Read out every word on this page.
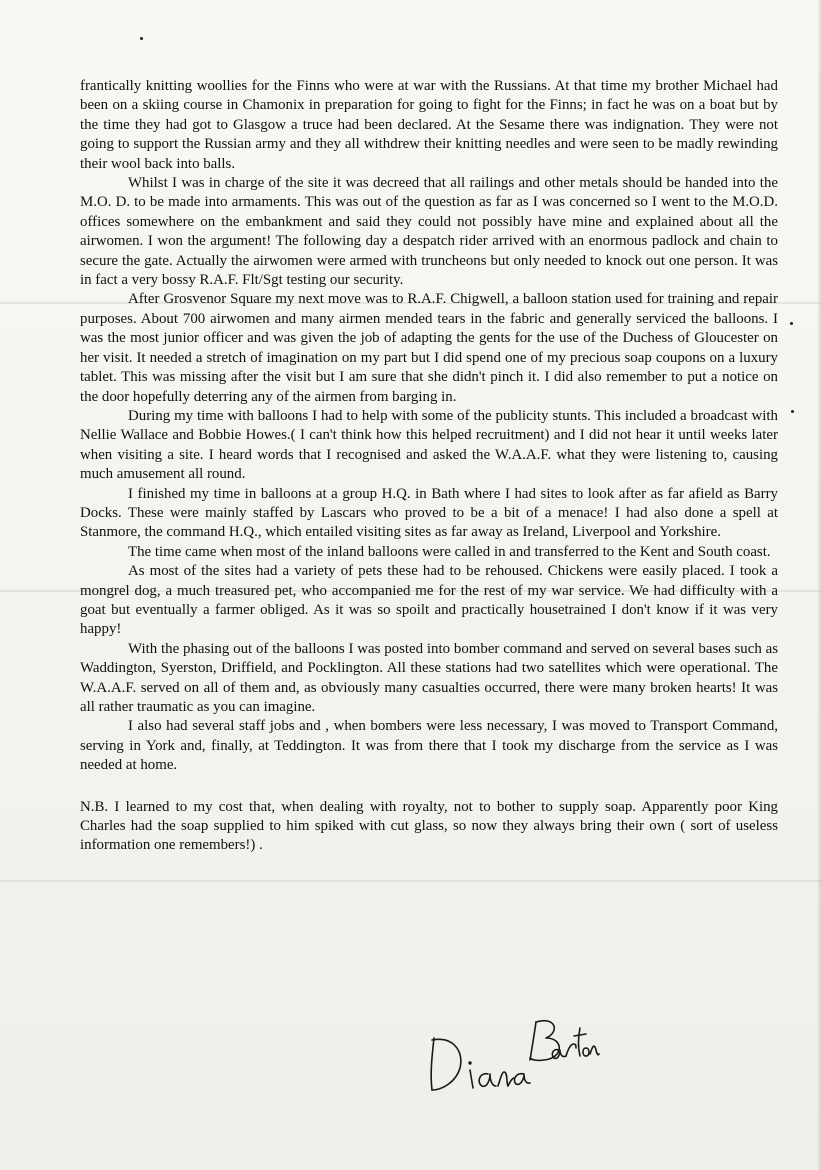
frantically knitting woollies for the Finns who were at war with the Russians. At that time my brother Michael had been on a skiing course in Chamonix in preparation for going to fight for the Finns; in fact he was on a boat but by the time they had got to Glasgow a truce had been declared. At the Sesame there was indignation. They were not going to support the Russian army and they all withdrew their knitting needles and were seen to be madly rewinding their wool back into balls.

Whilst I was in charge of the site it was decreed that all railings and other metals should be handed into the M.O. D. to be made into armaments. This was out of the question as far as I was concerned so I went to the M.O.D. offices somewhere on the embankment and said they could not possibly have mine and explained about all the airwomen. I won the argument! The following day a despatch rider arrived with an enormous padlock and chain to secure the gate. Actually the airwomen were armed with truncheons but only needed to knock out one person. It was in fact a very bossy R.A.F. Flt/Sgt testing our security.

After Grosvenor Square my next move was to R.A.F. Chigwell, a balloon station used for training and repair purposes. About 700 airwomen and many airmen mended tears in the fabric and generally serviced the balloons. I was the most junior officer and was given the job of adapting the gents for the use of the Duchess of Gloucester on her visit. It needed a stretch of imagination on my part but I did spend one of my precious soap coupons on a luxury tablet. This was missing after the visit but I am sure that she didn't pinch it. I did also remember to put a notice on the door hopefully deterring any of the airmen from barging in.

During my time with balloons I had to help with some of the publicity stunts. This included a broadcast with Nellie Wallace and Bobbie Howes.( I can't think how this helped recruitment) and I did not hear it until weeks later when visiting a site. I heard words that I recognised and asked the W.A.A.F. what they were listening to, causing much amusement all round.

I finished my time in balloons at a group H.Q. in Bath where I had sites to look after as far afield as Barry Docks. These were mainly staffed by Lascars who proved to be a bit of a menace! I had also done a spell at Stanmore, the command H.Q., which entailed visiting sites as far away as Ireland, Liverpool and Yorkshire.

The time came when most of the inland balloons were called in and transferred to the Kent and South coast.

As most of the sites had a variety of pets these had to be rehoused. Chickens were easily placed. I took a mongrel dog, a much treasured pet, who accompanied me for the rest of my war service. We had difficulty with a goat but eventually a farmer obliged. As it was so spoilt and practically housetrained I don't know if it was very happy!

With the phasing out of the balloons I was posted into bomber command and served on several bases such as Waddington, Syerston, Driffield, and Pocklington. All these stations had two satellites which were operational. The W.A.A.F. served on all of them and, as obviously many casualties occurred, there were many broken hearts! It was all rather traumatic as you can imagine.

I also had several staff jobs and , when bombers were less necessary, I was moved to Transport Command, serving in York and, finally, at Teddington. It was from there that I took my discharge from the service as I was needed at home.

N.B. I learned to my cost that, when dealing with royalty, not to bother to supply soap. Apparently poor King Charles had the soap supplied to him spiked with cut glass, so now they always bring their own ( sort of useless information one remembers!) .
